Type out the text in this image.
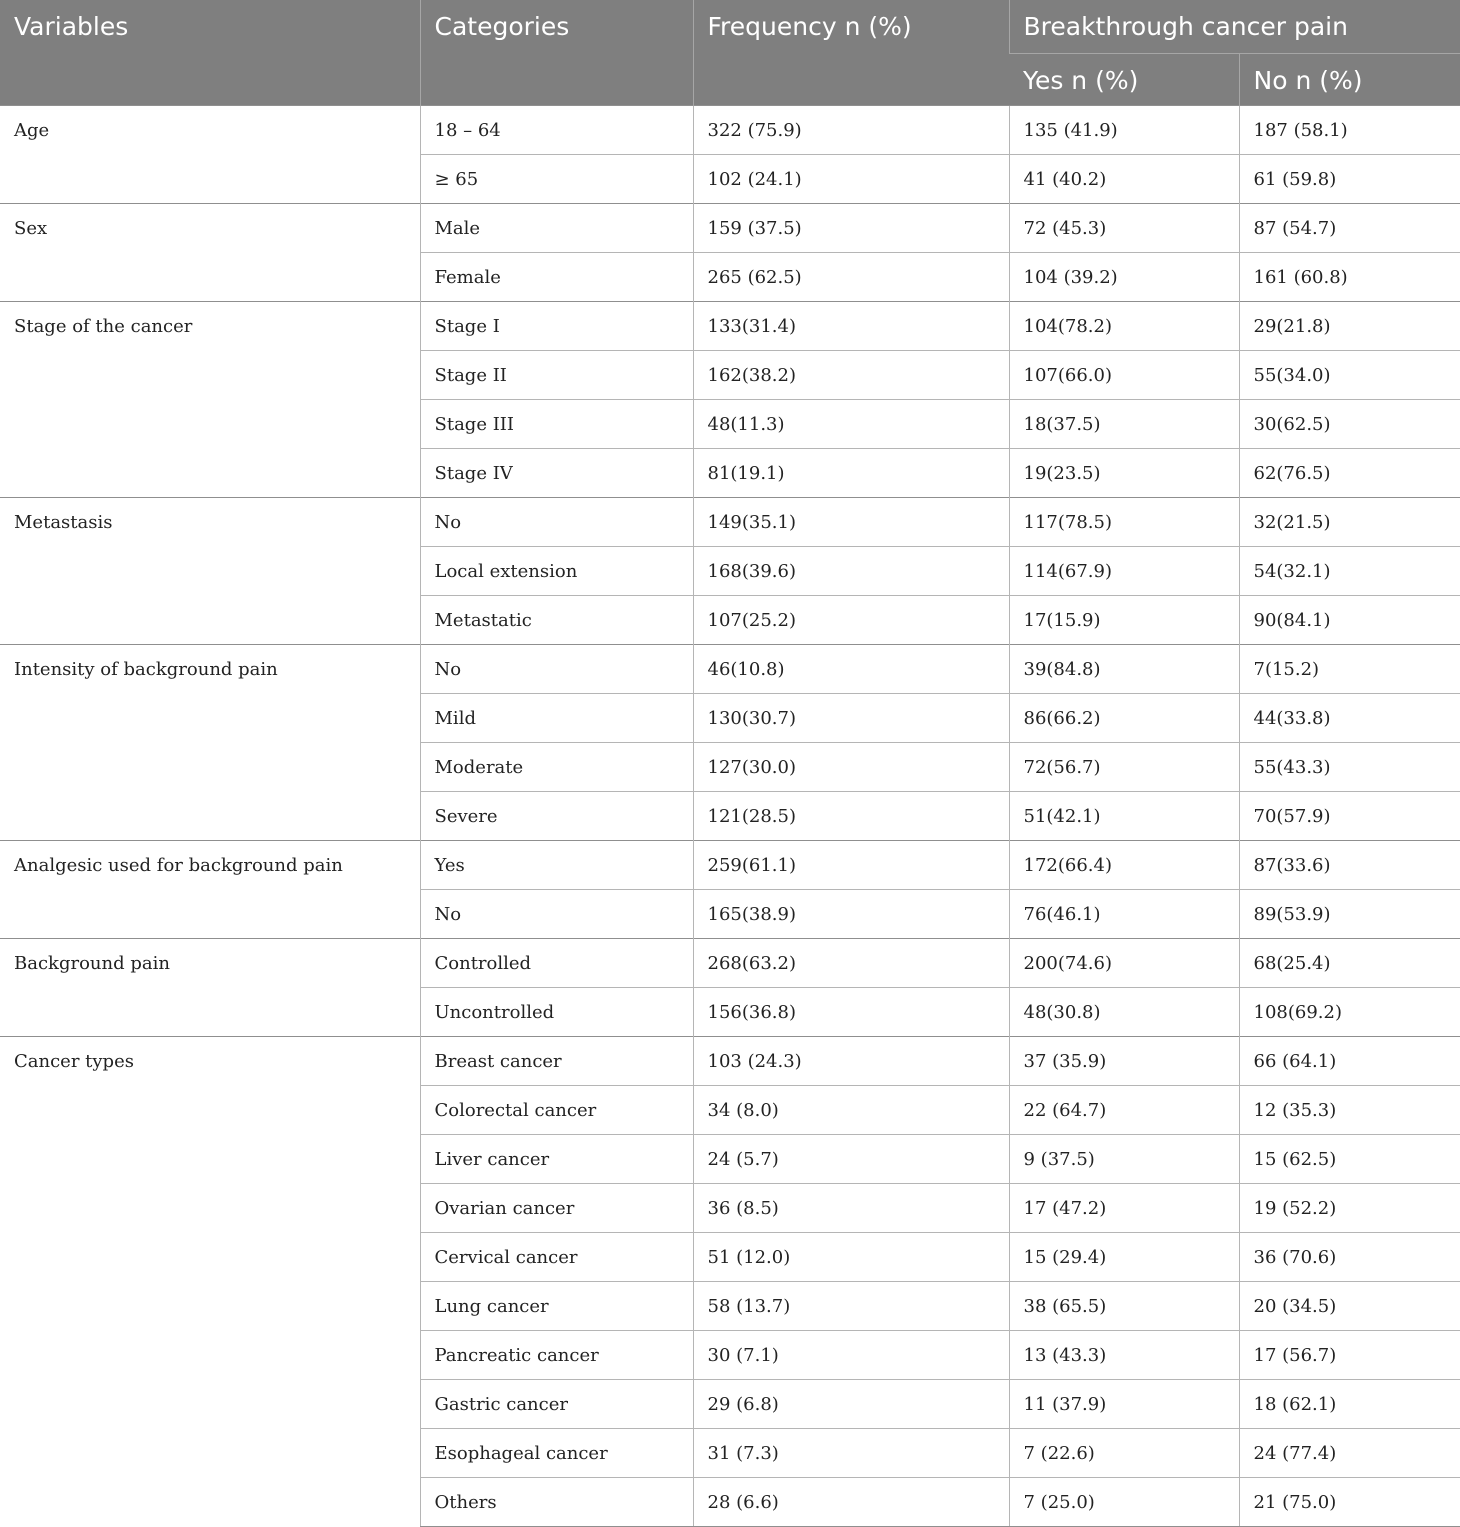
Variables	Categories	Frequency n (%)	Breakthrough cancer pain	
			Yes n (%)	No n (%)
Age	18 – 64	322 (75.9)	135 (41.9)	187 (58.1)
	≥ 65	102 (24.1)	41 (40.2)	61 (59.8)
Sex	Male	159 (37.5)	72 (45.3)	87 (54.7)
	Female	265 (62.5)	104 (39.2)	161 (60.8)
Stage of the cancer	Stage I	133(31.4)	104(78.2)	29(21.8)
	Stage II	162(38.2)	107(66.0)	55(34.0)
	Stage III	48(11.3)	18(37.5)	30(62.5)
	Stage IV	81(19.1)	19(23.5)	62(76.5)
Metastasis	No	149(35.1)	117(78.5)	32(21.5)
	Local extension	168(39.6)	114(67.9)	54(32.1)
	Metastatic	107(25.2)	17(15.9)	90(84.1)
Intensity of background pain	No	46(10.8)	39(84.8)	7(15.2)
	Mild	130(30.7)	86(66.2)	44(33.8)
	Moderate	127(30.0)	72(56.7)	55(43.3)
	Severe	121(28.5)	51(42.1)	70(57.9)
Analgesic used for background pain	Yes	259(61.1)	172(66.4)	87(33.6)
	No	165(38.9)	76(46.1)	89(53.9)
Background pain	Controlled	268(63.2)	200(74.6)	68(25.4)
	Uncontrolled	156(36.8)	48(30.8)	108(69.2)
Cancer types	Breast cancer	103 (24.3)	37 (35.9)	66 (64.1)
	Colorectal cancer	34 (8.0)	22 (64.7)	12 (35.3)
	Liver cancer	24 (5.7)	9 (37.5)	15 (62.5)
	Ovarian cancer	36 (8.5)	17 (47.2)	19 (52.2)
	Cervical cancer	51 (12.0)	15 (29.4)	36 (70.6)
	Lung cancer	58 (13.7)	38 (65.5)	20 (34.5)
	Pancreatic cancer	30 (7.1)	13 (43.3)	17 (56.7)
	Gastric cancer	29 (6.8)	11 (37.9)	18 (62.1)
	Esophageal cancer	31 (7.3)	7 (22.6)	24 (77.4)
	Others	28 (6.6)	7 (25.0)	21 (75.0)
